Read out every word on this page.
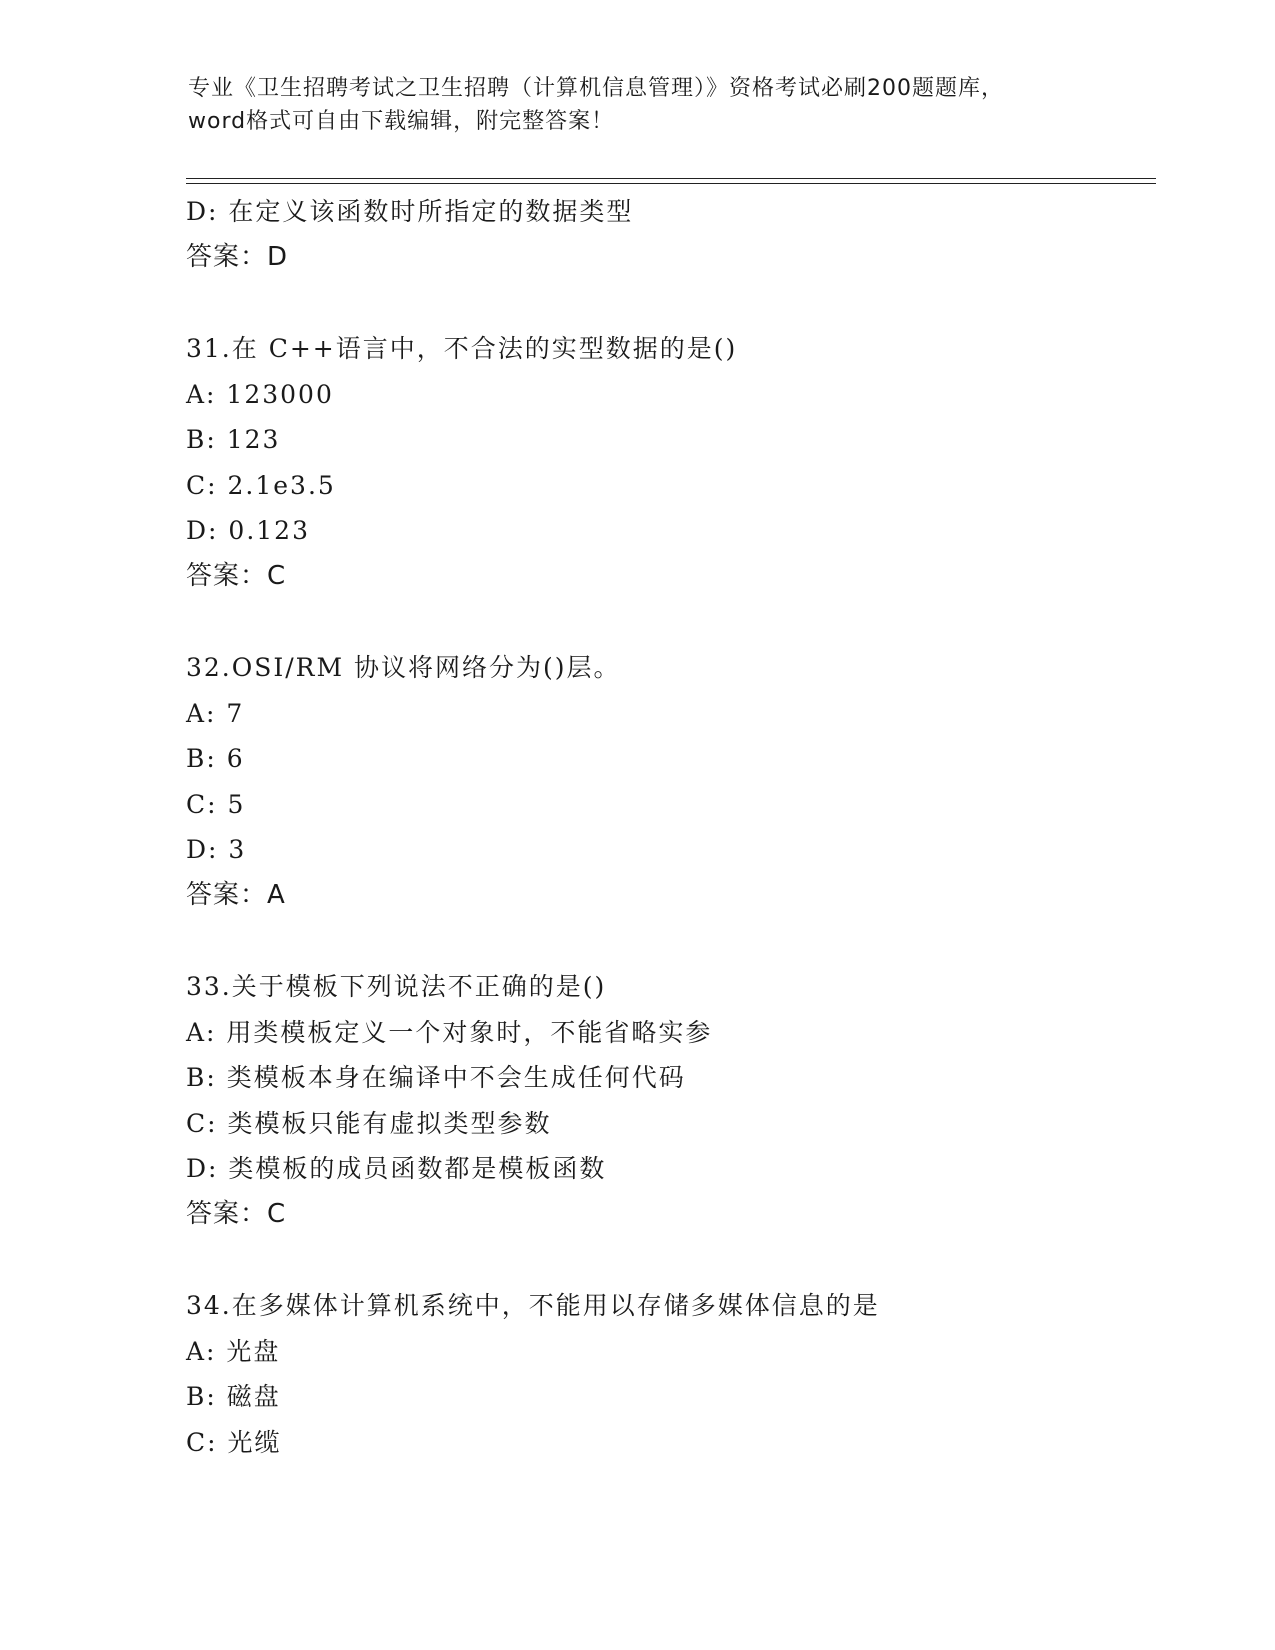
专业《卫生招聘考试之卫生招聘（计算机信息管理）》资格考试必刷200题题库，
word格式可自由下载编辑，附完整答案！
D: 在定义该函数时所指定的数据类型
答案：D
31.在 C++语言中，不合法的实型数据的是()
A: 123000
B: 123
C: 2.1e3.5
D: 0.123
答案：C
32.OSI/RM 协议将网络分为()层。
A: 7
B: 6
C: 5
D: 3
答案：A
33.关于模板下列说法不正确的是()
A: 用类模板定义一个对象时，不能省略实参
B: 类模板本身在编译中不会生成任何代码
C: 类模板只能有虚拟类型参数
D: 类模板的成员函数都是模板函数
答案：C
34.在多媒体计算机系统中，不能用以存储多媒体信息的是
A: 光盘
B: 磁盘
C: 光缆
